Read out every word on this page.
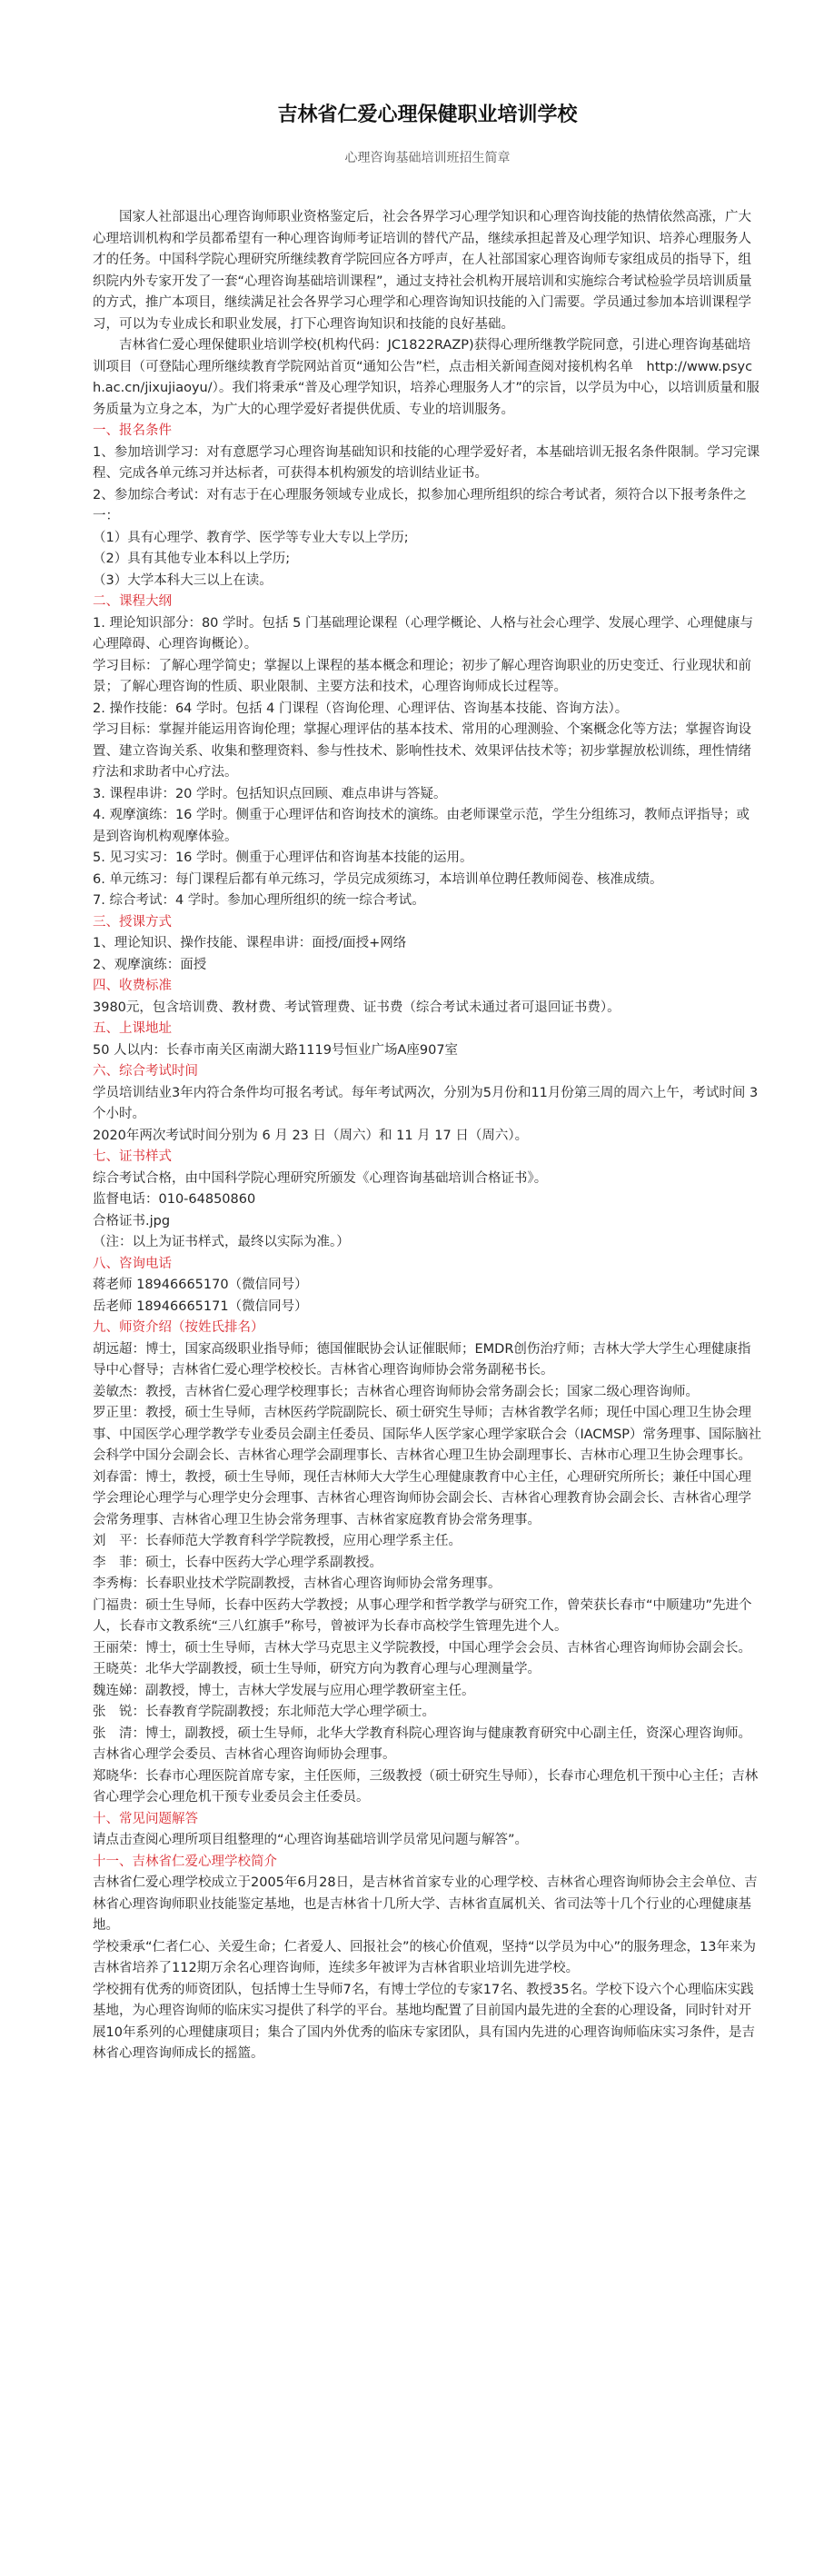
吉林省仁爱心理保健职业培训学校
心理咨询基础培训班招生简章

国家人社部退出心理咨询师职业资格鉴定后，社会各界学习心理学知识和心理咨询技能的热情依然高涨，广大心理培训机构和学员都希望有一种心理咨询师考证培训的替代产品，继续承担起普及心理学知识、培养心理服务人才的任务。中国科学院心理研究所继续教育学院回应各方呼声，在人社部国家心理咨询师专家组成员的指导下，组织院内外专家开发了一套“心理咨询基础培训课程”，通过支持社会机构开展培训和实施综合考试检验学员培训质量的方式，推广本项目，继续满足社会各界学习心理学和心理咨询知识技能的入门需要。学员通过参加本培训课程学习，可以为专业成长和职业发展，打下心理咨询知识和技能的良好基础。

吉林省仁爱心理保健职业培训学校(机构代码：JC1822RAZP)获得心理所继教学院同意，引进心理咨询基础培训项目（可登陆心理所继续教育学院网站首页“通知公告”栏，点击相关新闻查阅对接机构名单　http://www.psych.ac.cn/jixujiaoyu/）。我们将秉承“普及心理学知识，培养心理服务人才”的宗旨，以学员为中心，以培训质量和服务质量为立身之本，为广大的心理学爱好者提供优质、专业的培训服务。

一、报名条件

1、参加培训学习：对有意愿学习心理咨询基础知识和技能的心理学爱好者，本基础培训无报名条件限制。学习完课程、完成各单元练习并达标者，可获得本机构颁发的培训结业证书。

2、参加综合考试：对有志于在心理服务领域专业成长，拟参加心理所组织的综合考试者，须符合以下报考条件之一：

（1）具有心理学、教育学、医学等专业大专以上学历;

（2）具有其他专业本科以上学历;

（3）大学本科大三以上在读。

二、课程大纲

1. 理论知识部分：80 学时。包括 5 门基础理论课程（心理学概论、人格与社会心理学、发展心理学、心理健康与心理障碍、心理咨询概论）。

学习目标：了解心理学简史；掌握以上课程的基本概念和理论；初步了解心理咨询职业的历史变迁、行业现状和前景；了解心理咨询的性质、职业限制、主要方法和技术，心理咨询师成长过程等。

2. 操作技能：64 学时。包括 4 门课程（咨询伦理、心理评估、咨询基本技能、咨询方法）。

学习目标：掌握并能运用咨询伦理；掌握心理评估的基本技术、常用的心理测验、个案概念化等方法；掌握咨询设置、建立咨询关系、收集和整理资料、参与性技术、影响性技术、效果评估技术等；初步掌握放松训练，理性情绪疗法和求助者中心疗法。

3. 课程串讲：20 学时。包括知识点回顾、难点串讲与答疑。

4. 观摩演练：16 学时。侧重于心理评估和咨询技术的演练。由老师课堂示范，学生分组练习，教师点评指导；或是到咨询机构观摩体验。

5. 见习实习：16 学时。侧重于心理评估和咨询基本技能的运用。

6. 单元练习：每门课程后都有单元练习，学员完成须练习，本培训单位聘任教师阅卷、核准成绩。

7. 综合考试：4 学时。参加心理所组织的统一综合考试。

三、授课方式

1、理论知识、操作技能、课程串讲：面授/面授+网络

2、观摩演练：面授

四、收费标准

3980元，包含培训费、教材费、考试管理费、证书费（综合考试未通过者可退回证书费）。

五、上课地址

50 人以内：长春市南关区南湖大路1119号恒业广场A座907室

六、综合考试时间

学员培训结业3年内符合条件均可报名考试。每年考试两次，分别为5月份和11月份第三周的周六上午，考试时间 3 个小时。

2020年两次考试时间分别为 6 月 23 日（周六）和 11 月 17 日（周六）。

七、证书样式

综合考试合格，由中国科学院心理研究所颁发《心理咨询基础培训合格证书》。

监督电话：010-64850860

合格证书.jpg

（注：以上为证书样式，最终以实际为准。）

八、咨询电话

蒋老师 18946665170（微信同号）

岳老师 18946665171（微信同号）

九、师资介绍（按姓氏排名）

胡远超：博士，国家高级职业指导师；德国催眠协会认证催眠师；EMDR创伤治疗师；吉林大学大学生心理健康指导中心督导；吉林省仁爱心理学校校长。吉林省心理咨询师协会常务副秘书长。

姜敏杰：教授，吉林省仁爱心理学校理事长；吉林省心理咨询师协会常务副会长；国家二级心理咨询师。

罗正里：教授，硕士生导师，吉林医药学院副院长、硕士研究生导师；吉林省教学名师；现任中国心理卫生协会理事、中国医学心理学教学专业委员会副主任委员、国际华人医学家心理学家联合会（IACMSP）常务理事、国际脑社会科学中国分会副会长、吉林省心理学会副理事长、吉林省心理卫生协会副理事长、吉林市心理卫生协会理事长。

刘春雷：博士，教授，硕士生导师，现任吉林师大大学生心理健康教育中心主任，心理研究所所长；兼任中国心理学会理论心理学与心理学史分会理事、吉林省心理咨询师协会副会长、吉林省心理教育协会副会长、吉林省心理学会常务理事、吉林省心理卫生协会常务理事、吉林省家庭教育协会常务理事。

刘　平：长春师范大学教育科学学院教授，应用心理学系主任。

李　菲：硕士，长春中医药大学心理学系副教授。

李秀梅：长春职业技术学院副教授，吉林省心理咨询师协会常务理事。

门福贵：硕士生导师，长春中医药大学教授；从事心理学和哲学教学与研究工作，曾荣获长春市“中顺建功”先进个人，长春市文教系统“三八红旗手”称号，曾被评为长春市高校学生管理先进个人。

王丽荣：博士，硕士生导师，吉林大学马克思主义学院教授，中国心理学会会员、吉林省心理咨询师协会副会长。

王晓英：北华大学副教授，硕士生导师，研究方向为教育心理与心理测量学。

魏连娣：副教授，博士，吉林大学发展与应用心理学教研室主任。

张　锐：长春教育学院副教授；东北师范大学心理学硕士。

张　清：博士，副教授，硕士生导师，北华大学教育科院心理咨询与健康教育研究中心副主任，资深心理咨询师。吉林省心理学会委员、吉林省心理咨询师协会理事。

郑晓华：长春市心理医院首席专家，主任医师，三级教授（硕士研究生导师），长春市心理危机干预中心主任；吉林省心理学会心理危机干预专业委员会主任委员。

十、常见问题解答

请点击查阅心理所项目组整理的“心理咨询基础培训学员常见问题与解答”。

十一、吉林省仁爱心理学校简介

吉林省仁爱心理学校成立于2005年6月28日，是吉林省首家专业的心理学校、吉林省心理咨询师协会主会单位、吉林省心理咨询师职业技能鉴定基地，也是吉林省十几所大学、吉林省直属机关、省司法等十几个行业的心理健康基地。

学校秉承“仁者仁心、关爱生命；仁者爱人、回报社会”的核心价值观，坚持“以学员为中心”的服务理念，13年来为吉林省培养了112期万余名心理咨询师，连续多年被评为吉林省职业培训先进学校。

学校拥有优秀的师资团队，包括博士生导师7名，有博士学位的专家17名、教授35名。学校下设六个心理临床实践基地，为心理咨询师的临床实习提供了科学的平台。基地均配置了目前国内最先进的全套的心理设备，同时针对开展10年系列的心理健康项目；集合了国内外优秀的临床专家团队，具有国内先进的心理咨询师临床实习条件，是吉林省心理咨询师成长的摇篮。
